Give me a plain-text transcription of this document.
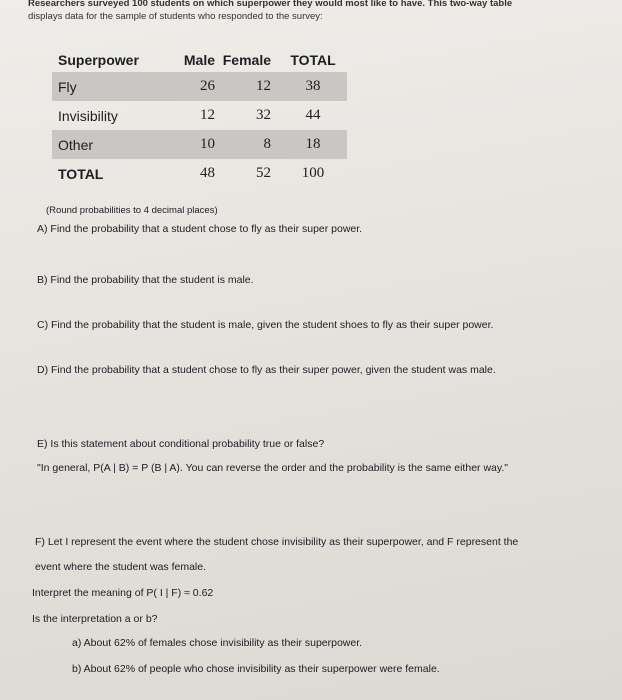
Researchers surveyed 100 students on which superpower they would most like to have. This two-way table
displays data for the sample of students who responded to the survey:
Superpower	Male	Female	TOTAL
Fly	26	12	38
Invisibility	12	32	44
Other	10	8	18
TOTAL	48	52	100
(Round probabilities to 4 decimal places)
A) Find the probability that a student chose to fly as their super power.
B) Find the probability that the student is male.
C) Find the probability that the student is male, given the student shoes to fly as their super power.
D) Find the probability that a student chose to fly as their super power, given the student was male.
E) Is this statement about conditional probability true or false?
"In general, P(A | B) = P (B | A). You can reverse the order and the probability is the same either way."
F) Let I represent the event where the student chose invisibility as their superpower, and F represent the
event where the student was female.
Interpret the meaning of P( I | F) ≈ 0.62
Is the interpretation a or b?
a) About 62% of females chose invisibility as their superpower.
b) About 62% of people who chose invisibility as their superpower were female.
